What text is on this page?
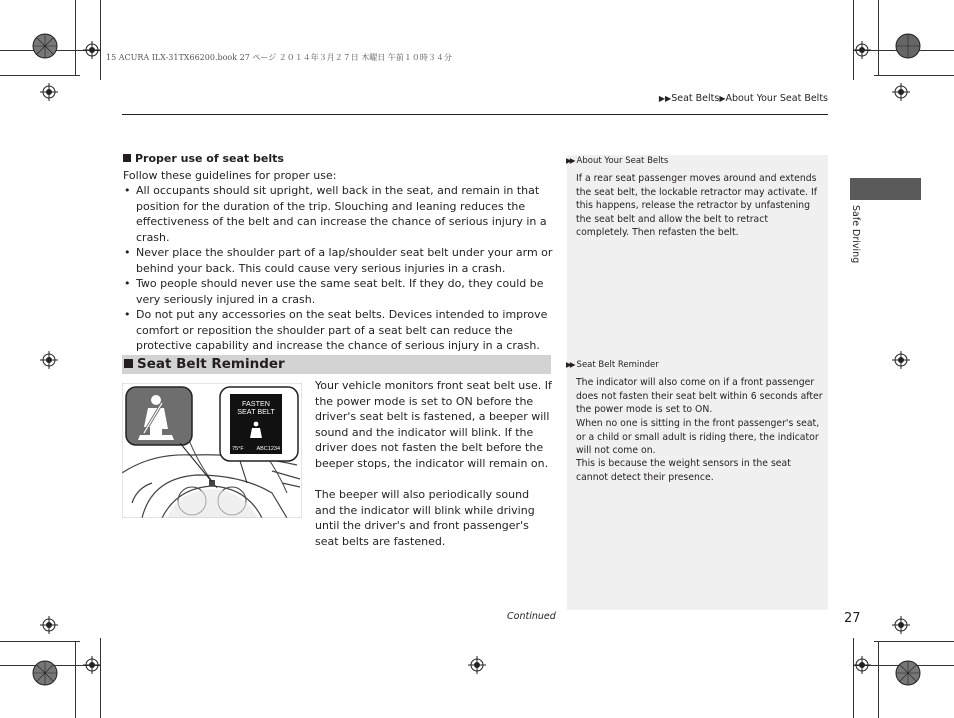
15 ACURA ILX-31TX66200.book 27 ページ ２０１４年３月２７日 木曜日 午前１０時３４分
▶▶Seat Belts▶About Your Seat Belts
Proper use of seat belts
Follow these guidelines for proper use:
• All occupants should sit upright, well back in the seat, and remain in that position for the duration of the trip. Slouching and leaning reduces the effectiveness of the belt and can increase the chance of serious injury in a crash.
• Never place the shoulder part of a lap/shoulder seat belt under your arm or behind your back. This could cause very serious injuries in a crash.
• Two people should never use the same seat belt. If they do, they could be very seriously injured in a crash.
• Do not put any accessories on the seat belts. Devices intended to improve comfort or reposition the shoulder part of a seat belt can reduce the protective capability and increase the chance of serious injury in a crash.
Seat Belt Reminder
FASTEN
SEAT BELT
75°F ABC1234
Your vehicle monitors front seat belt use. If the power mode is set to ON before the driver's seat belt is fastened, a beeper will sound and the indicator will blink. If the driver does not fasten the belt before the beeper stops, the indicator will remain on.
The beeper will also periodically sound and the indicator will blink while driving until the driver's and front passenger's seat belts are fastened.
▶▶ About Your Seat Belts
If a rear seat passenger moves around and extends the seat belt, the lockable retractor may activate. If this happens, release the retractor by unfastening the seat belt and allow the belt to retract completely. Then refasten the belt.
▶▶ Seat Belt Reminder
The indicator will also come on if a front passenger does not fasten their seat belt within 6 seconds after the power mode is set to ON.
When no one is sitting in the front passenger's seat, or a child or small adult is riding there, the indicator will not come on.
This is because the weight sensors in the seat cannot detect their presence.
Safe Driving
Continued	27
